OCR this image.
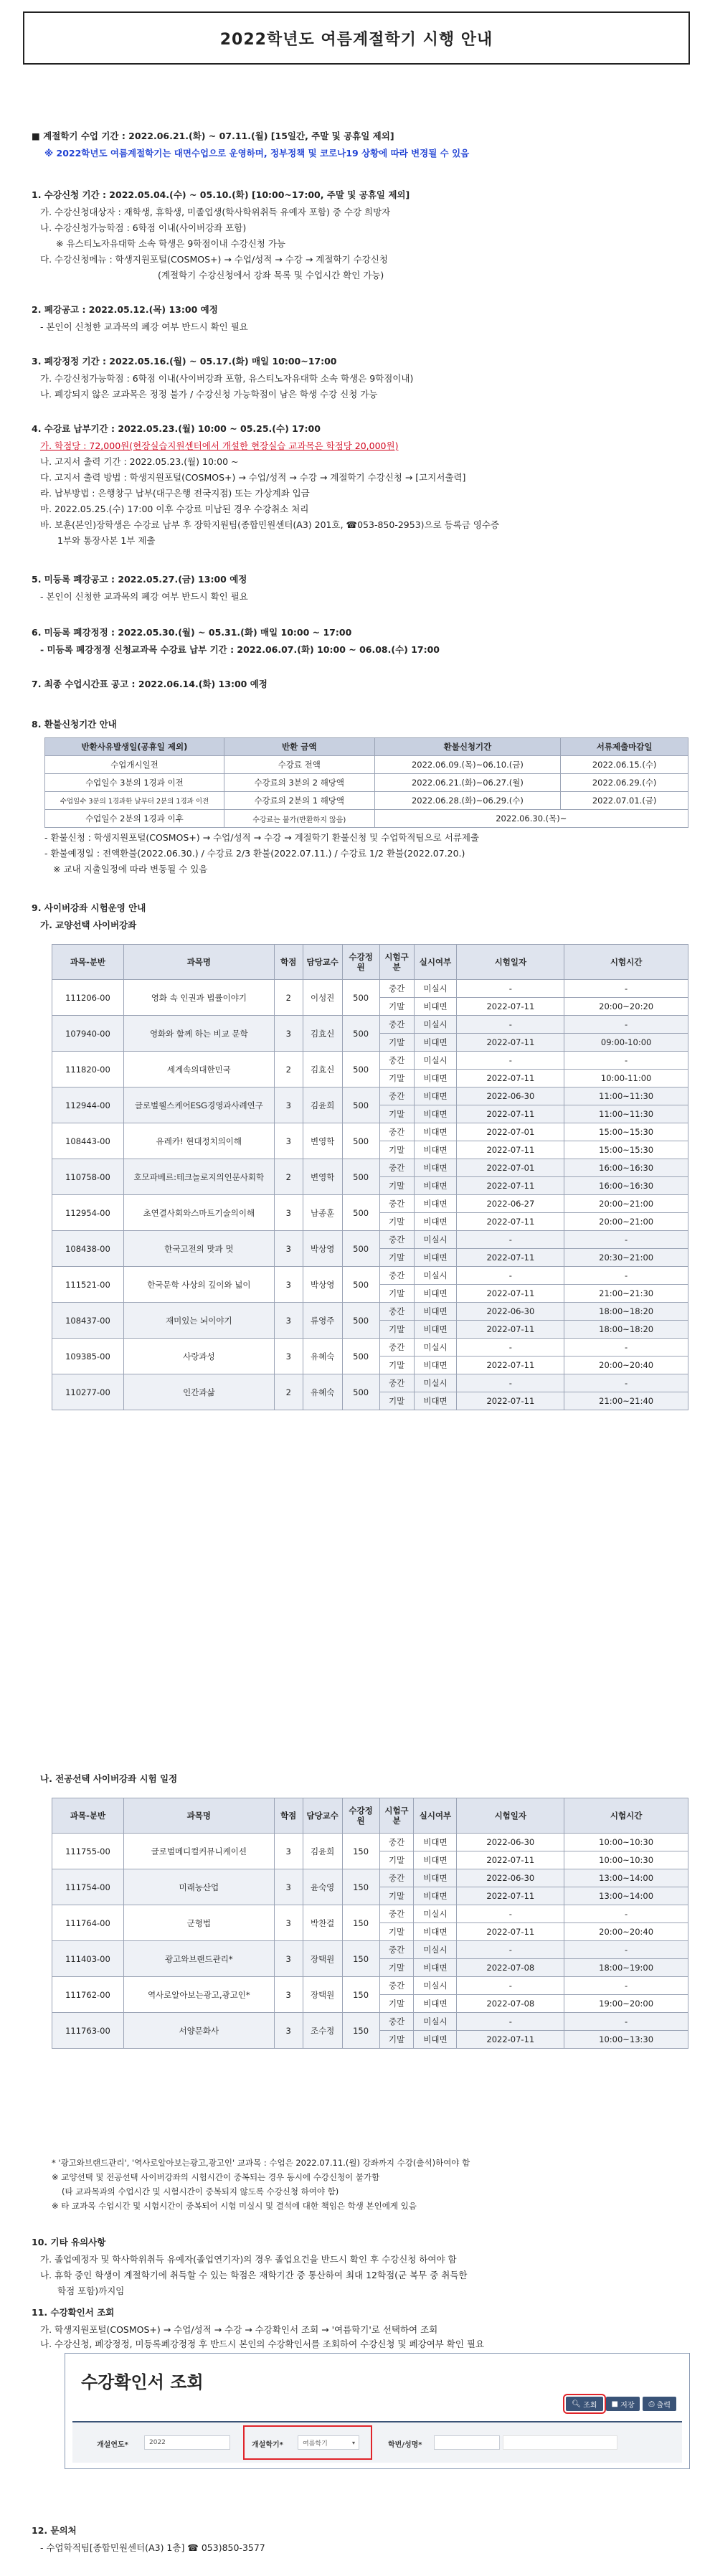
2022학년도 여름계절학기 시행 안내
■ 계절학기 수업 기간 : 2022.06.21.(화) ~ 07.11.(월) [15일간, 주말 및 공휴일 제외]
※ 2022학년도 여름계절학기는 대면수업으로 운영하며, 정부정책 및 코로나19 상황에 따라 변경될 수 있음
1. 수강신청 기간 : 2022.05.04.(수) ~ 05.10.(화) [10:00~17:00, 주말 및 공휴일 제외]
가. 수강신청대상자 : 재학생, 휴학생, 미졸업생(학사학위취득 유예자 포함) 중 수강 희망자
나. 수강신청가능학점 : 6학점 이내(사이버강좌 포함)
※ 유스티노자유대학 소속 학생은 9학점이내 수강신청 가능
다. 수강신청메뉴 : 학생지원포털(COSMOS+) → 수업/성적 → 수강 → 계절학기 수강신청
(계절학기 수강신청에서 강좌 목록 및 수업시간 확인 가능)
2. 폐강공고 : 2022.05.12.(목) 13:00 예정
- 본인이 신청한 교과목의 폐강 여부 반드시 확인 필요
3. 폐강정정 기간 : 2022.05.16.(월) ~ 05.17.(화) 매일 10:00~17:00
가. 수강신청가능학점 : 6학점 이내(사이버강좌 포함, 유스티노자유대학 소속 학생은 9학점이내)
나. 폐강되지 않은 교과목은 정정 불가 / 수강신청 가능학점이 남은 학생 수강 신청 가능
4. 수강료 납부기간 : 2022.05.23.(월) 10:00 ~ 05.25.(수) 17:00
가. 학점당 : 72,000원(현장실습지원센터에서 개설한 현장실습 교과목은 학점당 20,000원)
나. 고지서 출력 기간 : 2022.05.23.(월) 10:00 ~
다. 고지서 출력 방법 : 학생지원포털(COSMOS+) → 수업/성적 → 수강 → 계절학기 수강신청 → [고지서출력]
라. 납부방법 : 은행창구 납부(대구은행 전국지점) 또는 가상계좌 입금
마. 2022.05.25.(수) 17:00 이후 수강료 미납된 경우 수강취소 처리
바. 보훈(본인)장학생은 수강료 납부 후 장학지원팀(종합민원센터(A3) 201호, ☎053-850-2953)으로 등록금 영수증
1부와 통장사본 1부 제출
5. 미등록 폐강공고 : 2022.05.27.(금) 13:00 예정
- 본인이 신청한 교과목의 폐강 여부 반드시 확인 필요
6. 미등록 폐강정정 : 2022.05.30.(월) ~ 05.31.(화) 매일 10:00 ~ 17:00
- 미등록 폐강정정 신청교과목 수강료 납부 기간 : 2022.06.07.(화) 10:00 ~ 06.08.(수) 17:00
7. 최종 수업시간표 공고 : 2022.06.14.(화) 13:00 예정
8. 환불신청기간 안내
반환사유발생일(공휴일 제외)	반환 금액	환불신청기간	서류제출마감일
수업개시일전	수강료 전액	2022.06.09.(목)~06.10.(금)	2022.06.15.(수)
수업일수 3분의 1경과 이전	수강료의 3분의 2 해당액	2022.06.21.(화)~06.27.(월)	2022.06.29.(수)
수업일수 3분의 1경과한 날부터 2분의 1경과 이전	수강료의 2분의 1 해당액	2022.06.28.(화)~06.29.(수)	2022.07.01.(금)
수업일수 2분의 1경과 이후	수강료는 불가(반환하지 않음)	2022.06.30.(목)~	
- 환불신청 : 학생지원포털(COSMOS+) → 수업/성적 → 수강 → 계절학기 환불신청 및 수업학적팀으로 서류제출
- 환불예정일 : 전액환불(2022.06.30.) / 수강료 2/3 환불(2022.07.11.) / 수강료 1/2 환불(2022.07.20.)
※ 교내 지출일정에 따라 변동될 수 있음
9. 사이버강좌 시험운영 안내
가. 교양선택 사이버강좌
과목-분반	과목명	학점	담당교수	수강정원	시험구분	실시여부	시험일자	시험시간
111206-00	영화 속 인권과 법률이야기	2	이성진	500	중간	미실시	-	-
					기말	비대면	2022-07-11	20:00~20:20
107940-00	영화와 함께 하는 비교 문학	3	김효신	500	중간	미실시	-	-
					기말	비대면	2022-07-11	09:00-10:00
111820-00	세계속의대한민국	2	김효신	500	중간	미실시	-	-
					기말	비대면	2022-07-11	10:00-11:00
112944-00	글로벌웰스케어ESG경영과사례연구	3	김윤희	500	중간	비대면	2022-06-30	11:00~11:30
					기말	비대면	2022-07-11	11:00~11:30
108443-00	유레카! 현대정치의이해	3	변영학	500	중간	비대면	2022-07-01	15:00~15:30
					기말	비대면	2022-07-11	15:00~15:30
110758-00	호모파베르:테크놀로지의인문사회학	2	변영학	500	중간	비대면	2022-07-01	16:00~16:30
					기말	비대면	2022-07-11	16:00~16:30
112954-00	초연결사회와스마트기술의이해	3	남종훈	500	중간	비대면	2022-06-27	20:00~21:00
					기말	비대면	2022-07-11	20:00~21:00
108438-00	한국고전의 맛과 멋	3	박상영	500	중간	미실시	-	-
					기말	비대면	2022-07-11	20:30~21:00
111521-00	한국문학 사상의 깊이와 넓이	3	박상영	500	중간	미실시	-	-
					기말	비대면	2022-07-11	21:00~21:30
108437-00	재미있는 뇌이야기	3	류영주	500	중간	비대면	2022-06-30	18:00~18:20
					기말	비대면	2022-07-11	18:00~18:20
109385-00	사랑과성	3	유혜숙	500	중간	미실시	-	-
					기말	비대면	2022-07-11	20:00~20:40
110277-00	인간과삶	2	유혜숙	500	중간	미실시	-	-
					기말	비대면	2022-07-11	21:00~21:40
나. 전공선택 사이버강좌 시험 일정
과목-분반	과목명	학점	담당교수	수강정원	시험구분	실시여부	시험일자	시험시간
111755-00	글로벌메디컬커뮤니케이션	3	김윤희	150	중간	비대면	2022-06-30	10:00~10:30
					기말	비대면	2022-07-11	10:00~10:30
111754-00	미래농산업	3	윤숙영	150	중간	비대면	2022-06-30	13:00~14:00
					기말	비대면	2022-07-11	13:00~14:00
111764-00	군형법	3	박찬걸	150	중간	미실시	-	-
					기말	비대면	2022-07-11	20:00~20:40
111403-00	광고와브랜드관리*	3	장택원	150	중간	미실시	-	-
					기말	비대면	2022-07-08	18:00~19:00
111762-00	역사로알아보는광고,광고인*	3	장택원	150	중간	미실시	-	-
					기말	비대면	2022-07-08	19:00~20:00
111763-00	서양문화사	3	조수정	150	중간	미실시	-	-
					기말	비대면	2022-07-11	10:00~13:30
* '광고와브랜드관리', '역사로알아보는광고,광고인' 교과목 : 수업은 2022.07.11.(월) 강좌까지 수강(출석)하여야 함
※ 교양선택 및 전공선택 사이버강좌의 시험시간이 중복되는 경우 동시에 수강신청이 불가함
(타 교과목과의 수업시간 및 시험시간이 중복되지 않도록 수강신청 하여야 함)
※ 타 교과목 수업시간 및 시험시간이 중복되어 시험 미실시 및 결석에 대한 책임은 학생 본인에게 있음
10. 기타 유의사항
가. 졸업예정자 및 학사학위취득 유예자(졸업연기자)의 경우 졸업요건을 반드시 확인 후 수강신청 하여야 함
나. 휴학 중인 학생이 계절학기에 취득할 수 있는 학점은 재학기간 중 통산하여 최대 12학점(군 복무 중 취득한
학점 포함)까지임
11. 수강확인서 조회
가. 학생지원포털(COSMOS+) → 수업/성적 → 수강 → 수강확인서 조회 → '여름학기'로 선택하여 조회
나. 수강신청, 폐강정정, 미등록폐강정정 후 반드시 본인의 수강확인서를 조회하여 수강신청 및 폐강여부 확인 필요
수강확인서 조회
🔍︎
조회 ■
저장 ⎙
출력
개설연도*	2022	개설학기*	여름학기	▾	학번/성명*
12. 문의처
- 수업학적팀[종합민원센터(A3) 1층] ☎ 053)850-3577
